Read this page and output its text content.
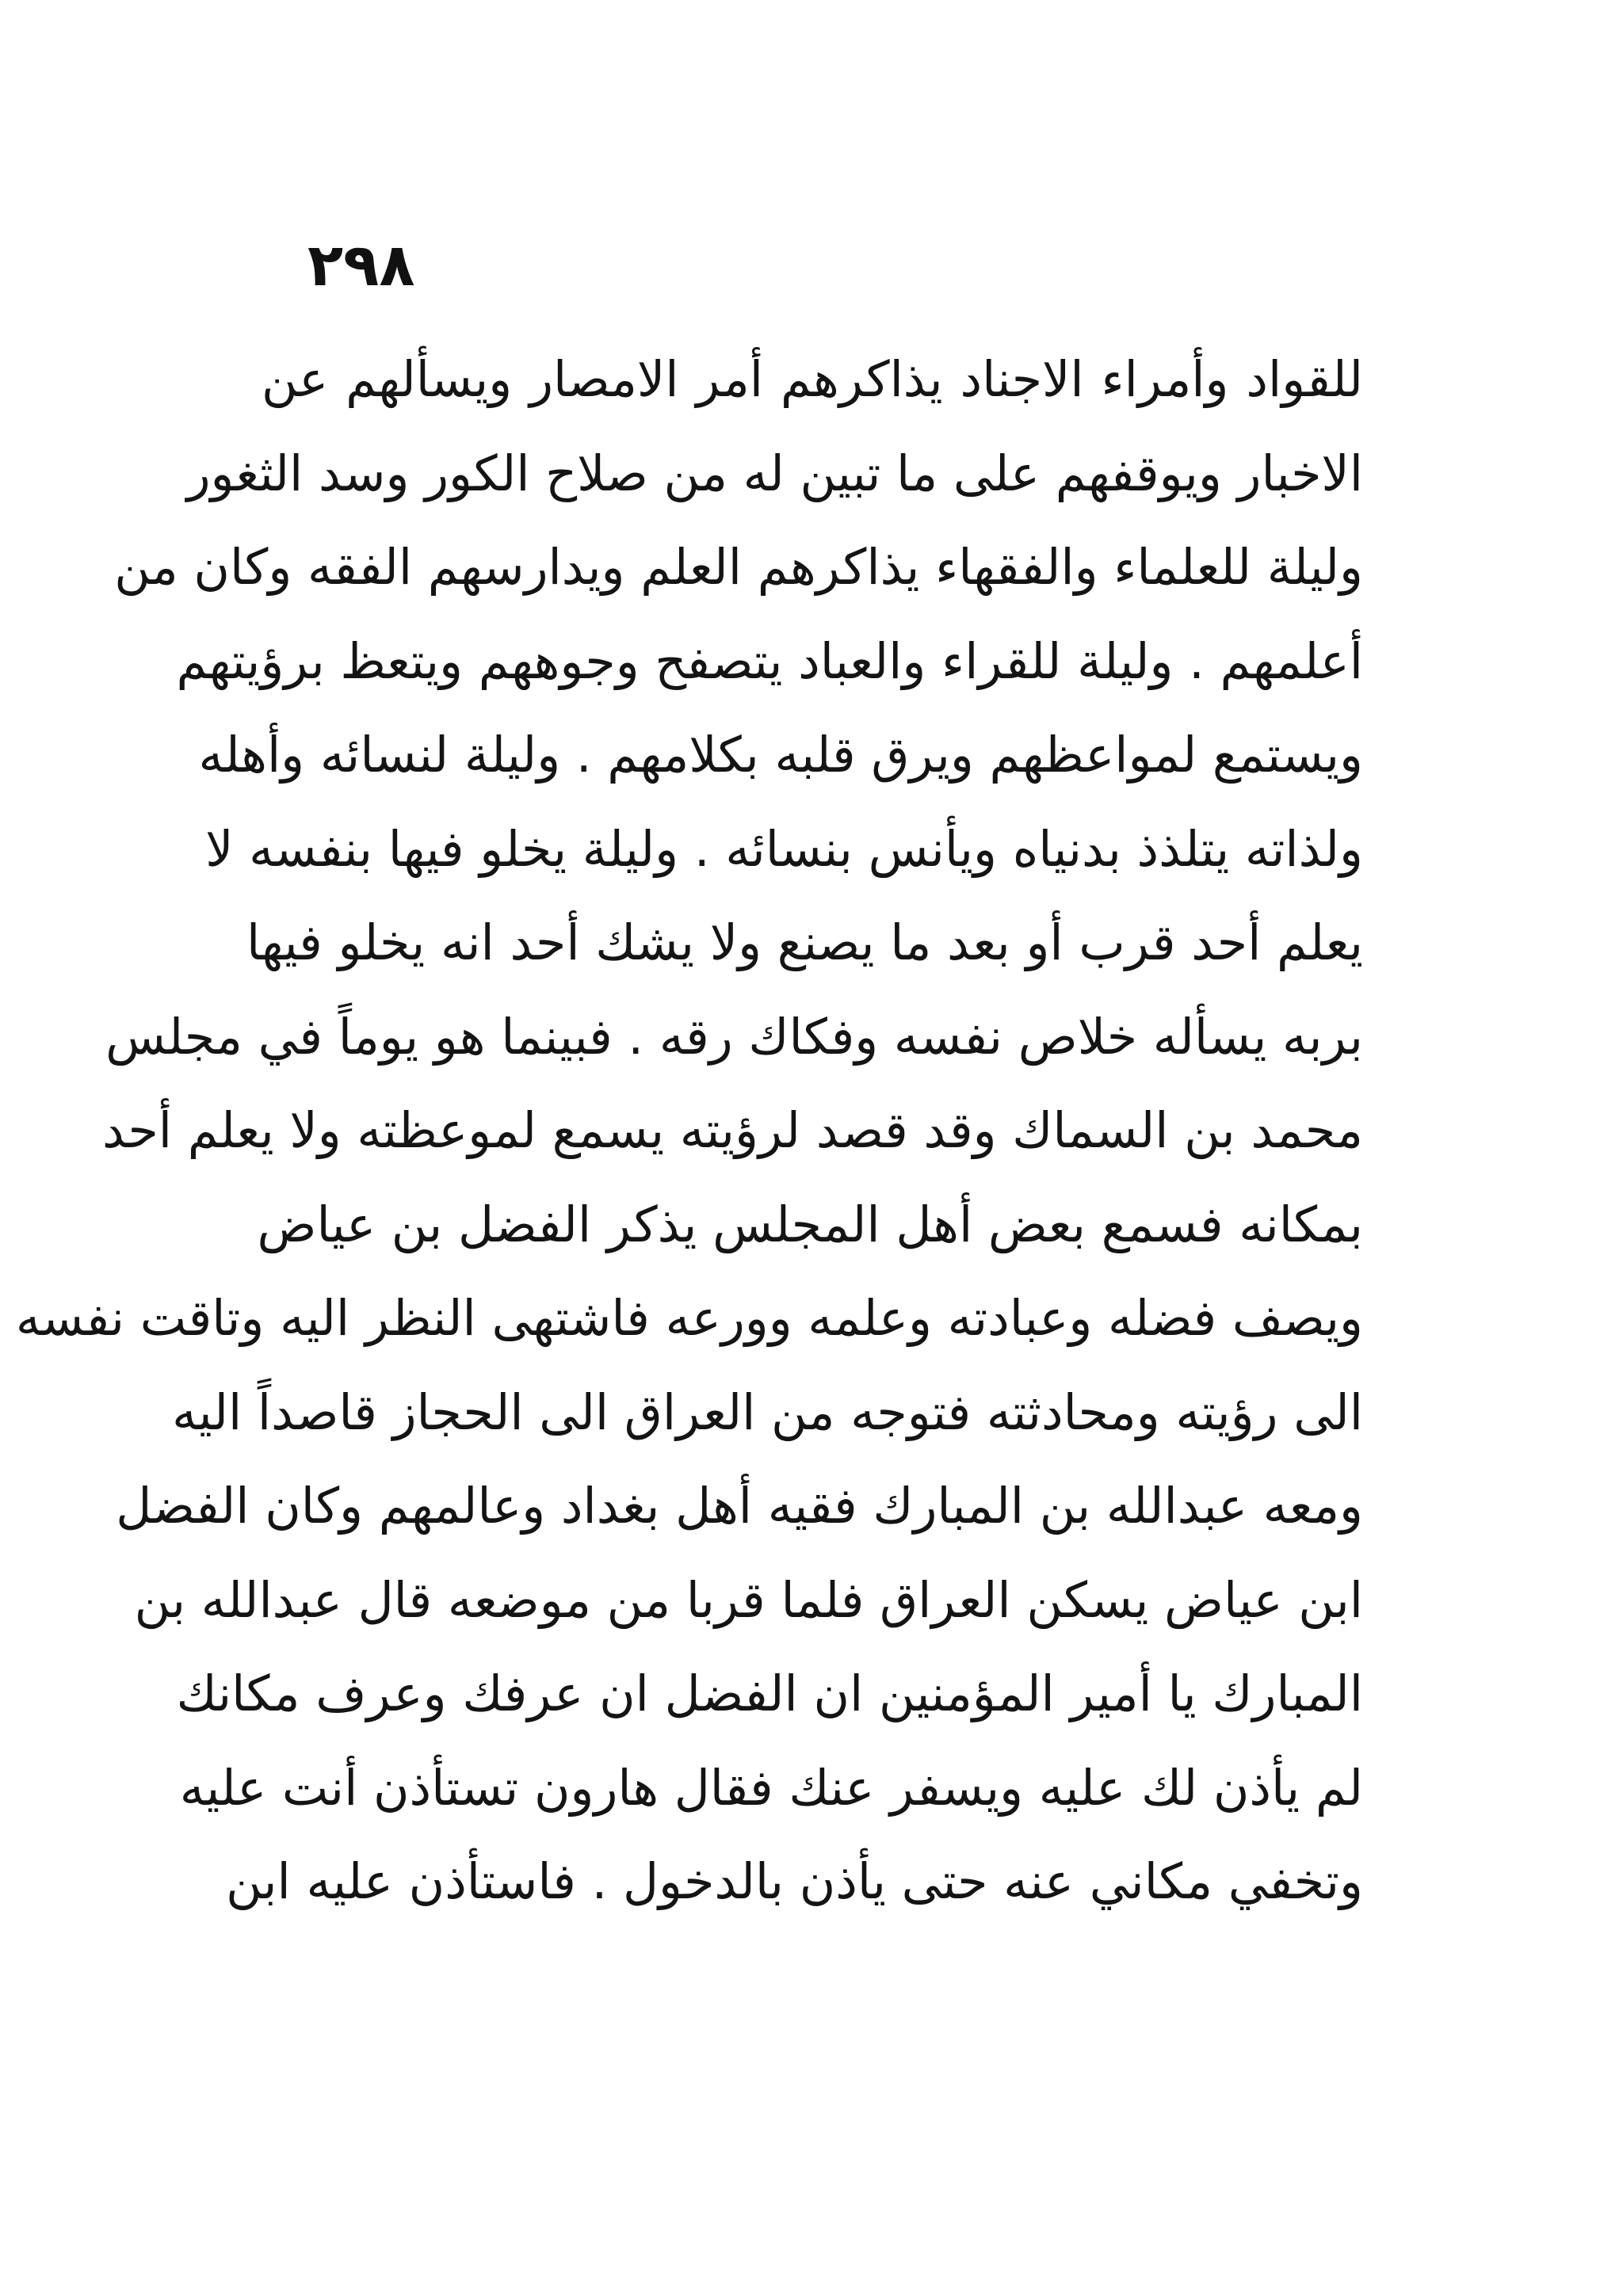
٢٩٨
للقواد وأمراء الاجناد يذاكرهم أمر الامصار ويسألهم عن
الاخبار ويوقفهم على ما تبين له من صلاح الكور وسد الثغور
وليلة للعلماء والفقهاء يذاكرهم العلم ويدارسهم الفقه وكان من
أعلمهم . وليلة للقراء والعباد يتصفح وجوههم ويتعظ برؤيتهم
ويستمع لمواعظهم ويرق قلبه بكلامهم . وليلة لنسائه وأهله
ولذاته يتلذذ بدنياه ويأنس بنسائه . وليلة يخلو فيها بنفسه لا
يعلم أحد قرب أو بعد ما يصنع ولا يشك أحد انه يخلو فيها
بربه يسأله خلاص نفسه وفكاك رقه . فبينما هو يوماً في مجلس
محمد بن السماك وقد قصد لرؤيته يسمع لموعظته ولا يعلم أحد
بمكانه فسمع بعض أهل المجلس يذكر الفضل بن عياض
ويصف فضله وعبادته وعلمه وورعه فاشتهى النظر اليه وتاقت نفسه
الى رؤيته ومحادثته فتوجه من العراق الى الحجاز قاصداً اليه
ومعه عبدالله بن المبارك فقيه أهل بغداد وعالمهم وكان الفضل
ابن عياض يسكن العراق فلما قربا من موضعه قال عبدالله بن
المبارك يا أمير المؤمنين ان الفضل ان عرفك وعرف مكانك
لم يأذن لك عليه ويسفر عنك فقال هارون تستأذن أنت عليه
وتخفي مكاني عنه حتى يأذن بالدخول . فاستأذن عليه ابن
